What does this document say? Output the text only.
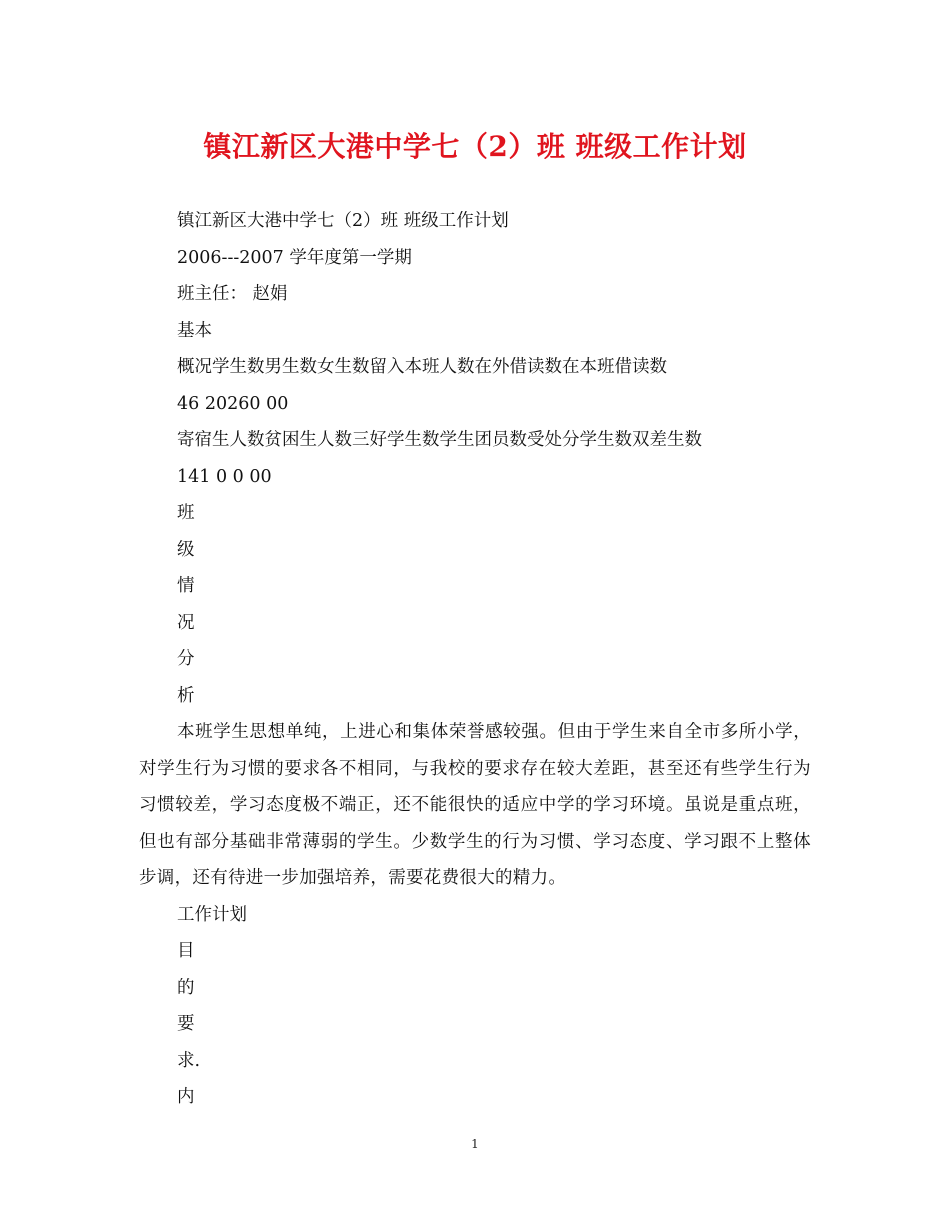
镇江新区大港中学七（2）班 班级工作计划
镇江新区大港中学七（2）班 班级工作计划
2006---2007 学年度第一学期
班主任： 赵娟
基本
概况学生数男生数女生数留入本班人数在外借读数在本班借读数
46 20260 00
寄宿生人数贫困生人数三好学生数学生团员数受处分学生数双差生数
141 0 0 00
班
级
情
况
分
析

本班学生思想单纯，上进心和集体荣誉感较强。但由于学生来自全市多所小学，对学生行为习惯的要求各不相同，与我校的要求存在较大差距，甚至还有些学生行为习惯较差，学习态度极不端正，还不能很快的适应中学的学习环境。虽说是重点班，但也有部分基础非常薄弱的学生。少数学生的行为习惯、学习态度、学习跟不上整体步调，还有待进一步加强培养，需要花费很大的精力。

工作计划
目
的
要
求.
内
1
